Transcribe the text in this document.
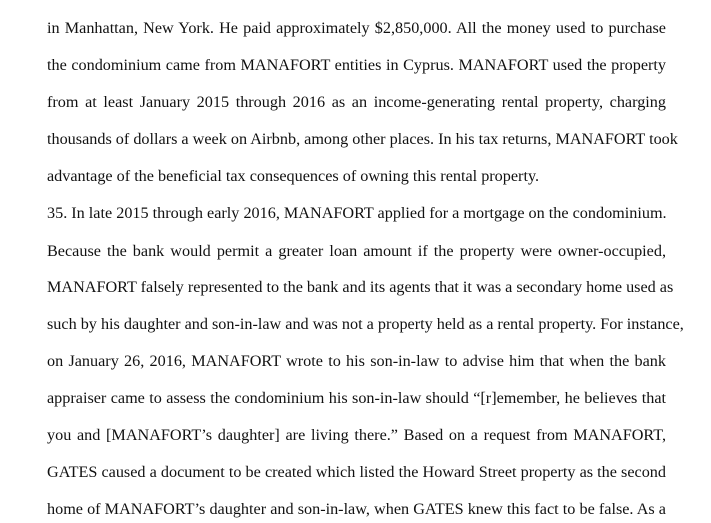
in Manhattan, New York. He paid approximately $2,850,000. All the money used to purchase
the condominium came from MANAFORT entities in Cyprus. MANAFORT used the property
from at least January 2015 through 2016 as an income-generating rental property, charging
thousands of dollars a week on Airbnb, among other places. In his tax returns, MANAFORT took
advantage of the beneficial tax consequences of owning this rental property.
35. In late 2015 through early 2016, MANAFORT applied for a mortgage on the condominium.
Because the bank would permit a greater loan amount if the property were owner-occupied,
MANAFORT falsely represented to the bank and its agents that it was a secondary home used as
such by his daughter and son-in-law and was not a property held as a rental property. For instance,
on January 26, 2016, MANAFORT wrote to his son-in-law to advise him that when the bank
appraiser came to assess the condominium his son-in-law should “[r]emember, he believes that
you and [MANAFORT’s daughter] are living there.” Based on a request from MANAFORT,
GATES caused a document to be created which listed the Howard Street property as the second
home of MANAFORT’s daughter and son-in-law, when GATES knew this fact to be false. As a
